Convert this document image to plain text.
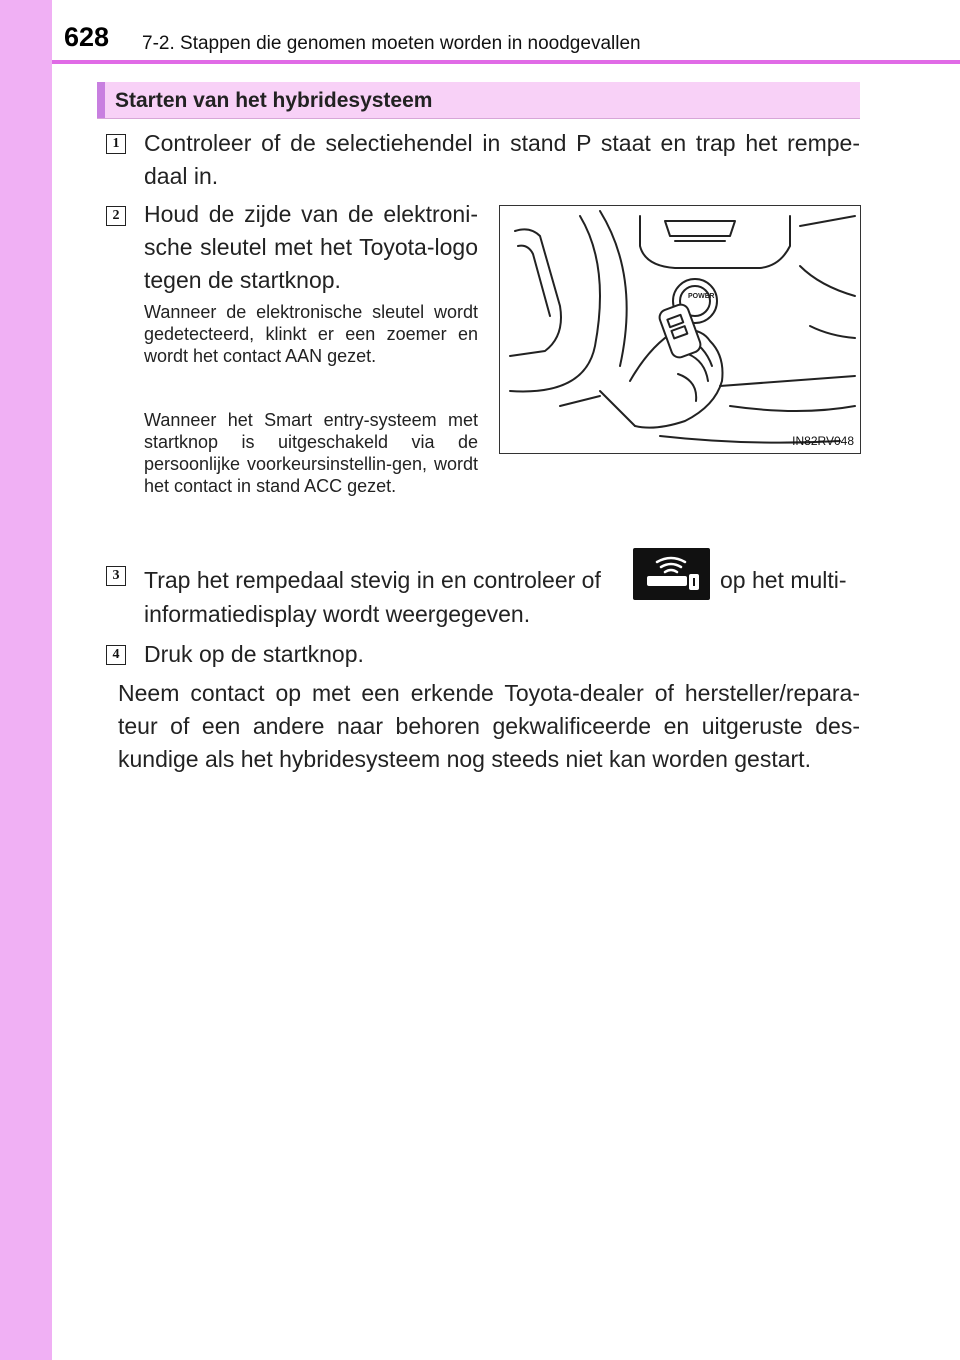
628 7-2. Stappen die genomen moeten worden in noodgevallen
Starten van het hybridesysteem
1 Controleer of de selectiehendel in stand P staat en trap het rempe-daal in.
2 Houd de zijde van de elektroni-sche sleutel met het Toyota-logo tegen de startknop.
Wanneer de elektronische sleutel wordt gedetecteerd, klinkt er een zoemer en wordt het contact AAN gezet.
Wanneer het Smart entry-systeem met startknop is uitgeschakeld via de persoonlijke voorkeursinstellin-gen, wordt het contact in stand ACC gezet.
POWER
IN82RV048
3 Trap het rempedaal stevig in en controleer of	op het multi-
informatiedisplay wordt weergegeven.
4 Druk op de startknop.
Neem contact op met een erkende Toyota-dealer of hersteller/repara-teur of een andere naar behoren gekwalificeerde en uitgeruste des-kundige als het hybridesysteem nog steeds niet kan worden gestart.
